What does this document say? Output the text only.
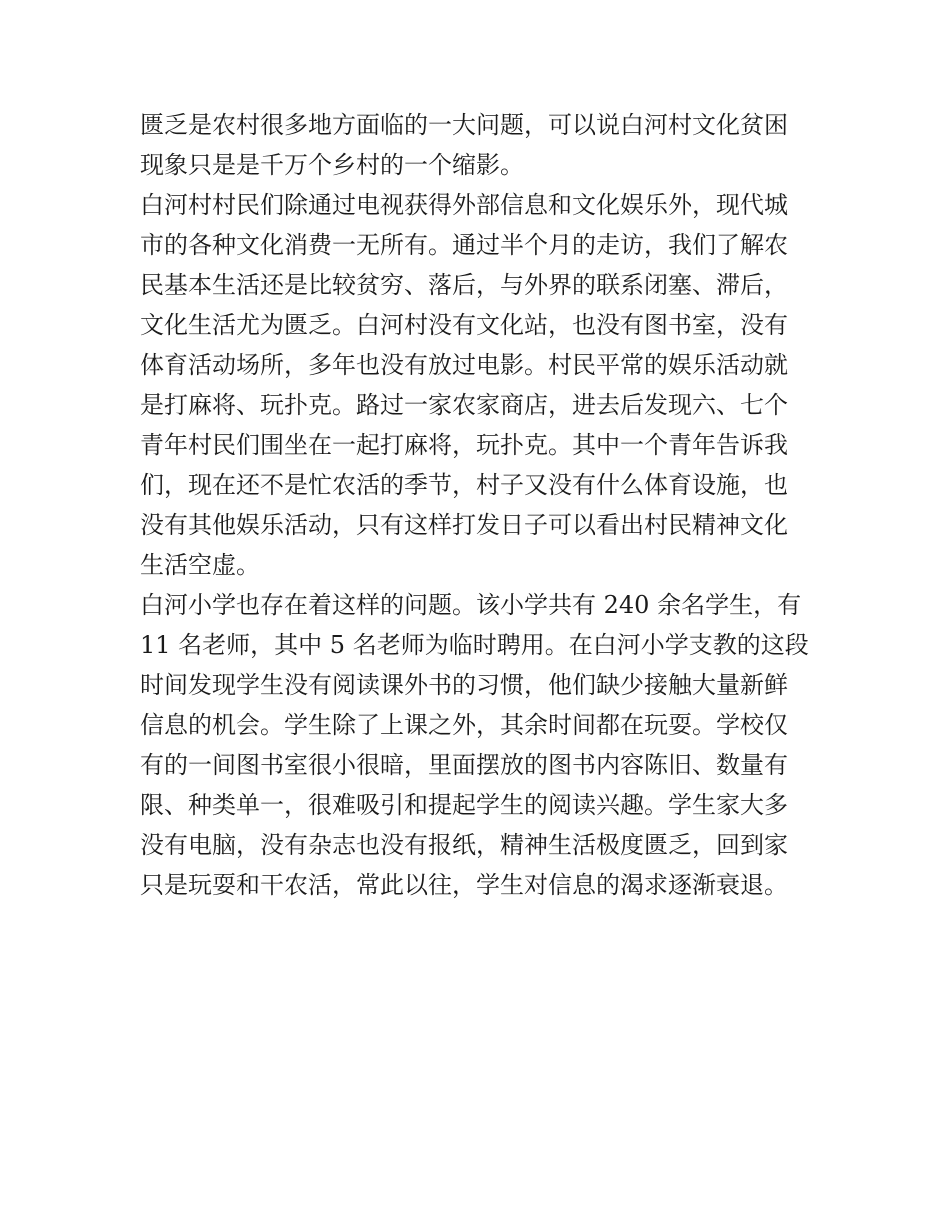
匮乏是农村很多地方面临的一大问题，可以说白河村文化贫困
现象只是是千万个乡村的一个缩影。
白河村村民们除通过电视获得外部信息和文化娱乐外，现代城
市的各种文化消费一无所有。通过半个月的走访，我们了解农
民基本生活还是比较贫穷、落后，与外界的联系闭塞、滞后，
文化生活尤为匮乏。白河村没有文化站，也没有图书室，没有
体育活动场所，多年也没有放过电影。村民平常的娱乐活动就
是打麻将、玩扑克。路过一家农家商店，进去后发现六、七个
青年村民们围坐在一起打麻将，玩扑克。其中一个青年告诉我
们，现在还不是忙农活的季节，村子又没有什么体育设施，也
没有其他娱乐活动，只有这样打发日子可以看出村民精神文化
生活空虚。
白河小学也存在着这样的问题。该小学共有 240 余名学生，有
11 名老师，其中 5 名老师为临时聘用。在白河小学支教的这段
时间发现学生没有阅读课外书的习惯，他们缺少接触大量新鲜
信息的机会。学生除了上课之外，其余时间都在玩耍。学校仅
有的一间图书室很小很暗，里面摆放的图书内容陈旧、数量有
限、种类单一，很难吸引和提起学生的阅读兴趣。学生家大多
没有电脑，没有杂志也没有报纸，精神生活极度匮乏，回到家
只是玩耍和干农活，常此以往，学生对信息的渴求逐渐衰退。
